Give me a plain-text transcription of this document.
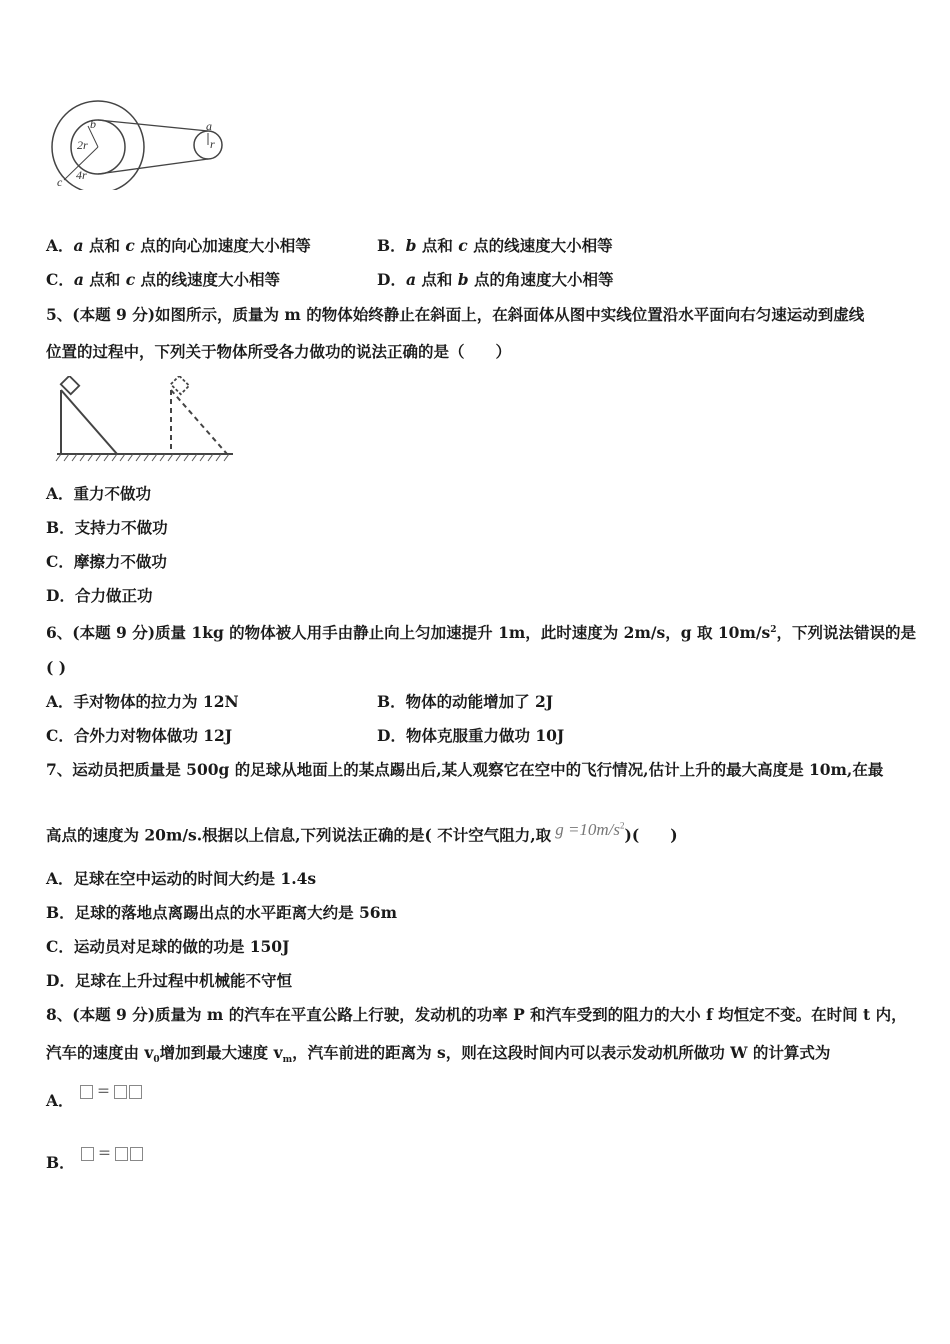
b
2r
4r
c
a
r
A．a 点和 c 点的向心加速度大小相等	B．b 点和 c 点的线速度大小相等
C．a 点和 c 点的线速度大小相等	D．a 点和 b 点的角速度大小相等
5、(本题 9 分)如图所示，质量为 m 的物体始终静止在斜面上，在斜面体从图中实线位置沿水平面向右匀速运动到虚线
位置的过程中，下列关于物体所受各力做功的说法正确的是（　　）
A．重力不做功
B．支持力不做功
C．摩擦力不做功
D．合力做正功
6、(本题 9 分)质量 1kg 的物体被人用手由静止向上匀加速提升 1m，此时速度为 2m/s，g 取 $10m/s^2$，下列说法错误的是
( )
A．手对物体的拉力为 12N	B．物体的动能增加了 2J
C．合外力对物体做功 12J	D．物体克服重力做功 10J
7、运动员把质量是 500g 的足球从地面上的某点踢出后,某人观察它在空中的飞行情况,估计上升的最大高度是 10m,在最
高点的速度为 20m/s.根据以上信息,下列说法正确的是( 不计空气阻力,取 $g =10m/s^2$)(　　)
A．足球在空中运动的时间大约是 1.4s
B．足球的落地点离踢出点的水平距离大约是 56m
C．运动员对足球的做的功是 150J
D．足球在上升过程中机械能不守恒
8、(本题 9 分)质量为 m 的汽车在平直公路上行驶，发动机的功率 P 和汽车受到的阻力的大小 f 均恒定不变。在时间 t 内，
汽车的速度由 $v_0$增加到最大速度 $v_m$，汽车前进的距离为 s，则在这段时间内可以表示发动机所做功 W 的计算式为
A． =
B． =
